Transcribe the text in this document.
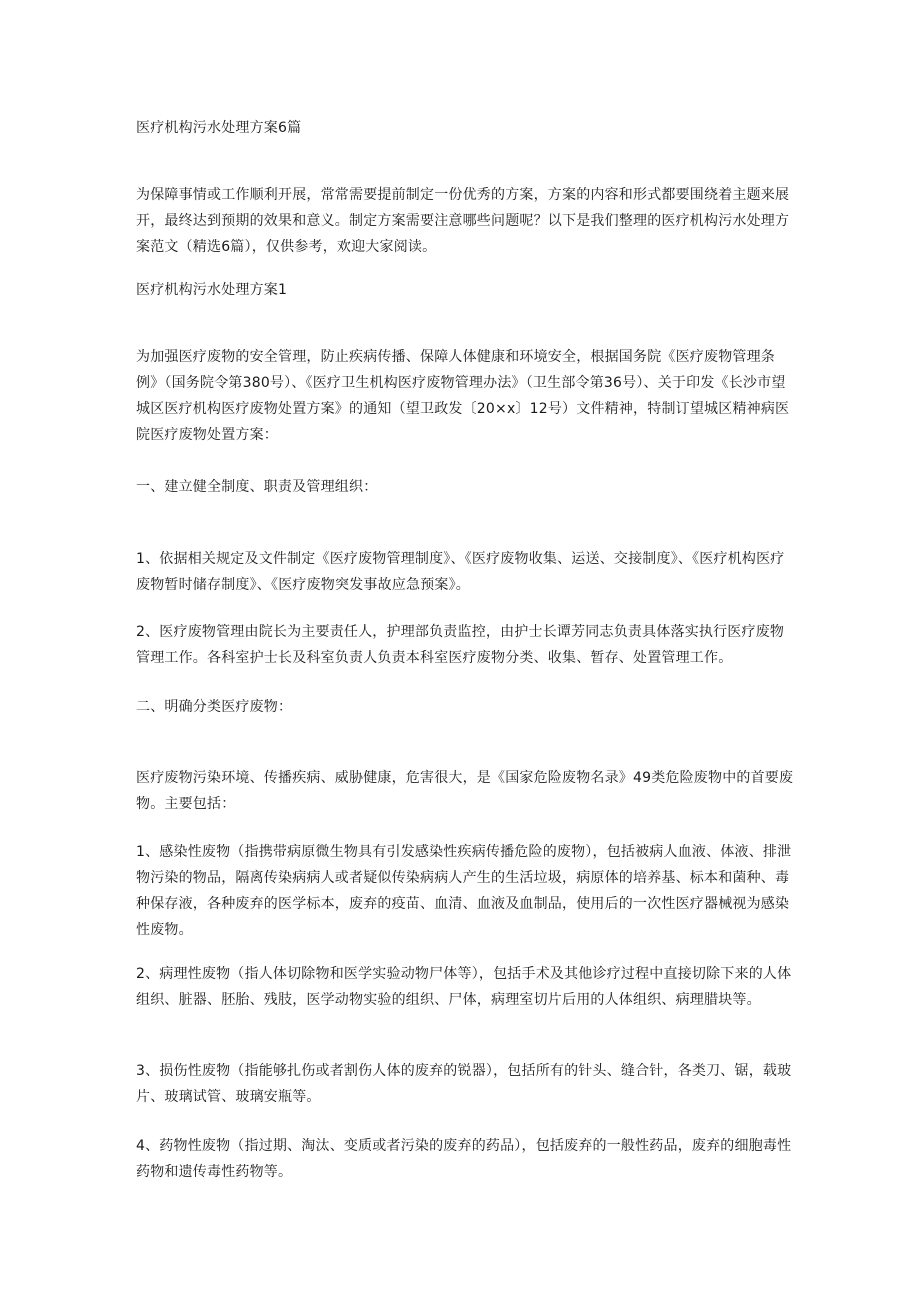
医疗机构污水处理方案6篇

为保障事情或工作顺利开展，常常需要提前制定一份优秀的方案，方案的内容和形式都要围绕着主题来展开，最终达到预期的效果和意义。制定方案需要注意哪些问题呢？以下是我们整理的医疗机构污水处理方案范文（精选6篇），仅供参考，欢迎大家阅读。

医疗机构污水处理方案1

为加强医疗废物的安全管理，防止疾病传播、保障人体健康和环境安全，根据国务院《医疗废物管理条例》（国务院令第380号）、《医疗卫生机构医疗废物管理办法》（卫生部令第36号）、关于印发《长沙市望城区医疗机构医疗废物处置方案》的通知（望卫政发〔20×x〕12号）文件精神，特制订望城区精神病医院医疗废物处置方案：

一、建立健全制度、职责及管理组织：

1、依据相关规定及文件制定《医疗废物管理制度》、《医疗废物收集、运送、交接制度》、《医疗机构医疗废物暂时储存制度》、《医疗废物突发事故应急预案》。

2、医疗废物管理由院长为主要责任人，护理部负责监控，由护士长谭芳同志负责具体落实执行医疗废物管理工作。各科室护士长及科室负责人负责本科室医疗废物分类、收集、暂存、处置管理工作。

二、明确分类医疗废物：

医疗废物污染环境、传播疾病、威胁健康，危害很大，是《国家危险废物名录》49类危险废物中的首要废物。主要包括：

1、感染性废物（指携带病原微生物具有引发感染性疾病传播危险的废物），包括被病人血液、体液、排泄物污染的物品，隔离传染病病人或者疑似传染病病人产生的生活垃圾，病原体的培养基、标本和菌种、毒种保存液，各种废弃的医学标本，废弃的疫苗、血清、血液及血制品，使用后的一次性医疗器械视为感染性废物。

2、病理性废物（指人体切除物和医学实验动物尸体等），包括手术及其他诊疗过程中直接切除下来的人体组织、脏器、胚胎、残肢，医学动物实验的组织、尸体，病理室切片后用的人体组织、病理腊块等。

3、损伤性废物（指能够扎伤或者割伤人体的废弃的锐器），包括所有的针头、缝合针，各类刀、锯，载玻片、玻璃试管、玻璃安瓶等。

4、药物性废物（指过期、淘汰、变质或者污染的废弃的药品），包括废弃的一般性药品，废弃的细胞毒性药物和遗传毒性药物等。
